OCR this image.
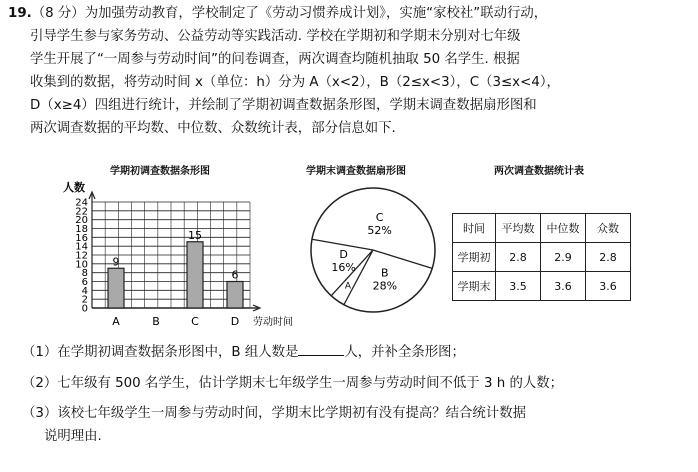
19.（8 分）为加强劳动教育，学校制定了《劳动习惯养成计划》，实施“家校社”联动行动，
引导学生参与家务劳动、公益劳动等实践活动. 学校在学期初和学期末分别对七年级
学生开展了“一周参与劳动时间”的问卷调查，两次调查均随机抽取 50 名学生. 根据
收集到的数据，将劳动时间 x（单位：h）分为 A（x<2），B（2≤x<3），C（3≤x<4），
D（x≥4）四组进行统计，并绘制了学期初调查数据条形图，学期末调查数据扇形图和
两次调查数据的平均数、中位数、众数统计表，部分信息如下.
学期初调查数据条形图	学期末调查数据扇形图	两次调查数据统计表
人数
0
2
4
6
8
10
12
14
16
18
20
22
24
9
A	B
15
C
6
D 劳动时间
C
52%
B
28%
A
D
16%
时间	平均数	中位数	众数
学期初	2.8	2.9	2.8
学期末	3.5	3.6	3.6
（1）在学期初调查数据条形图中，B 组人数是	人，并补全条形图；
（2）七年级有 500 名学生，估计学期末七年级学生一周参与劳动时间不低于 3 h 的人数；
（3）该校七年级学生一周参与劳动时间，学期末比学期初有没有提高？结合统计数据
说明理由.
